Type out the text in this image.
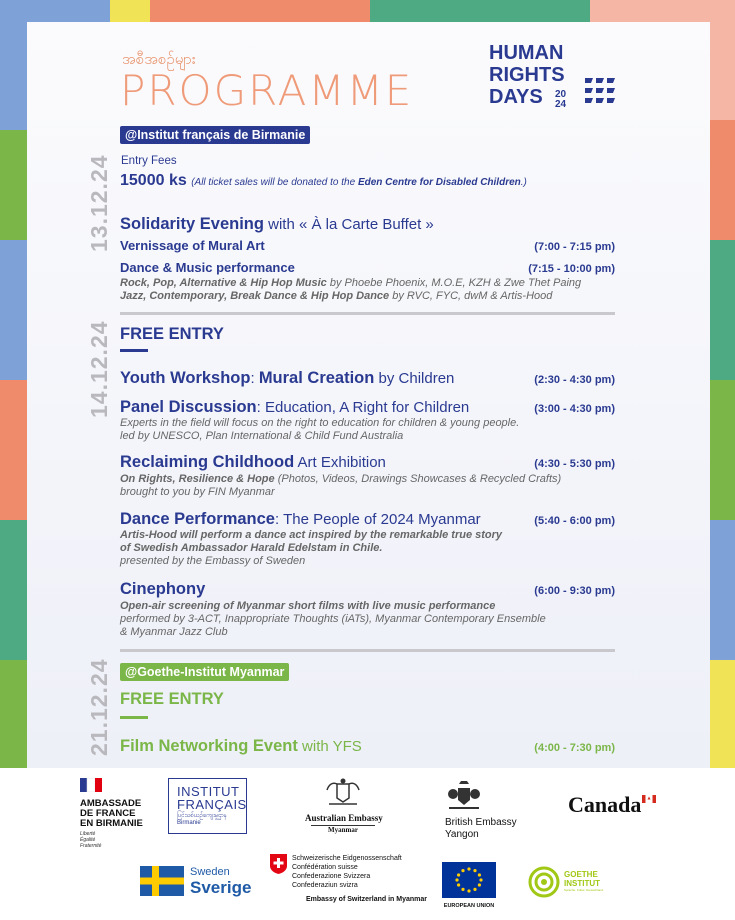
အစီအစဉ်များ
PROGRAMME
HUMAN
RIGHTS
DAYS	20 24
@Institut français de Birmanie
13.12.24 Entry Fees
15000 ks (All ticket sales will be donated to the Eden Centre for Disabled Children.)
Solidarity Evening with « À la Carte Buffet »
Vernissage of Mural Art	(7:00 - 7:15 pm)
Dance & Music performance	(7:15 - 10:00 pm)
Rock, Pop, Alternative & Hip Hop Music by Phoebe Phoenix, M.O.E, KZH & Zwe Thet Paing
Jazz, Contemporary, Break Dance & Hip Hop Dance by RVC, FYC, dwM & Artis-Hood
14.12.24 FREE ENTRY
Youth Workshop: Mural Creation by Children	(2:30 - 4:30 pm)
Panel Discussion: Education, A Right for Children	(3:00 - 4:30 pm)
Experts in the field will focus on the right to education for children & young people.
led by UNESCO, Plan International & Child Fund Australia
Reclaiming Childhood Art Exhibition	(4:30 - 5:30 pm)
On Rights, Resilience & Hope (Photos, Videos, Drawings Showcases & Recycled Crafts)
brought to you by FIN Myanmar
Dance Performance: The People of 2024 Myanmar	(5:40 - 6:00 pm)
Artis-Hood will perform a dance act inspired by the remarkable true story
of Swedish Ambassador Harald Edelstam in Chile.
presented by the Embassy of Sweden
Cinephony	(6:00 - 9:30 pm)
Open-air screening of Myanmar short films with live music performance
performed by 3-ACT, Inappropriate Thoughts (iATs), Myanmar Contemporary Ensemble
& Myanmar Jazz Club
21.12.24	@Goethe-Institut Myanmar
FREE ENTRY
Film Networking Event with YFS	(4:00 - 7:30 pm)
AMBASSADE
DE FRANCE
EN BIRMANIE
Liberté
Égalité
Fraternité
INSTITUT
FRANÇAIS
ပြင်သစ်ယဉ်ကျေးမှုဌာန
Birmanie	Australian Embassy
Myanmar
British Embassy
Yangon
Canada
Sweden
Sverige
Schweizerische Eidgenossenschaft
Confédération suisse
Confederazione Svizzera
Confederaziun svizra
Embassy of Switzerland in Myanmar
EUROPEAN UNION
GOETHE
INSTITUT
Sprache. Kultur. Deutschland.
